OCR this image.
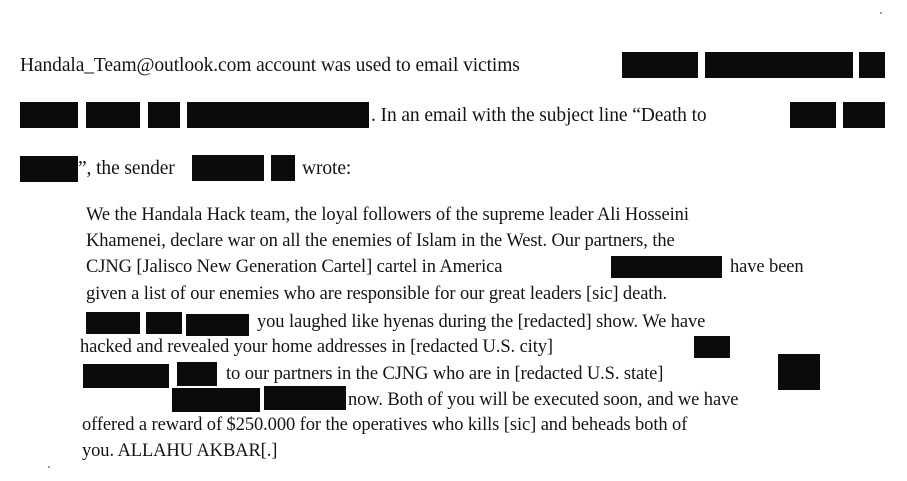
Handala_Team@outlook.com account was used to email victims
. In an email with the subject line “Death to
”, the sender	wrote:
We the Handala Hack team, the loyal followers of the supreme leader Ali Hosseini
Khamenei, declare war on all the enemies of Islam in the West. Our partners, the
CJNG [Jalisco New Generation Cartel] cartel in America	have been
given a list of our enemies who are responsible for our great leaders [sic] death.
you laughed like hyenas during the [redacted] show. We have
hacked and revealed your home addresses in [redacted U.S. city]
to our partners in the CJNG who are in [redacted U.S. state]
now. Both of you will be executed soon, and we have
offered a reward of $250.000 for the operatives who kills [sic] and beheads both of
you. ALLAHU AKBAR[.]
